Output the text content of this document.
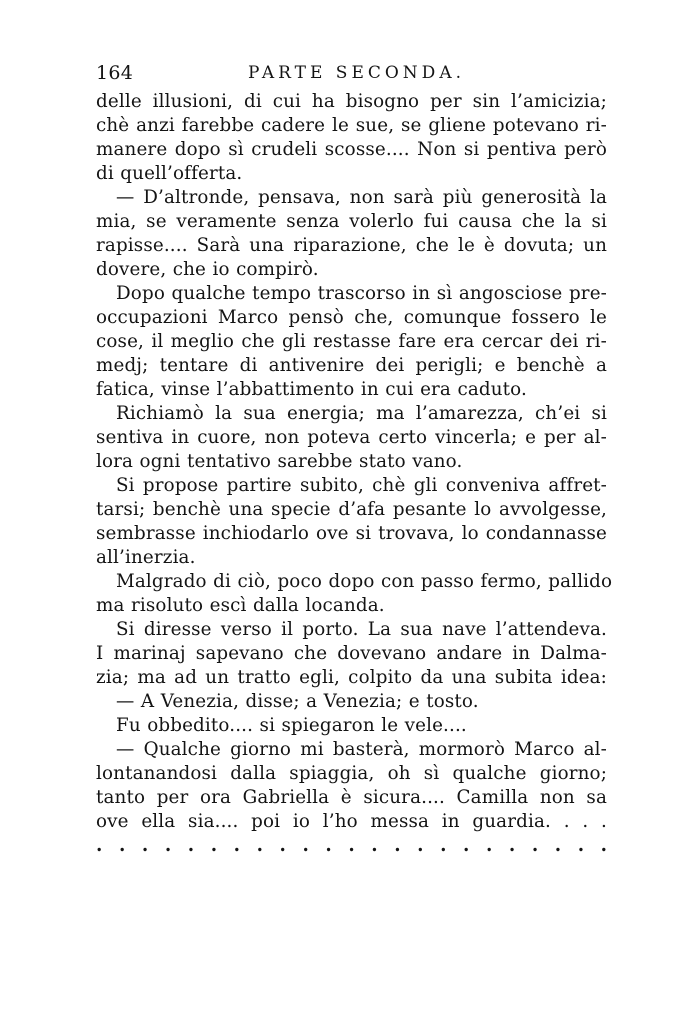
164	PARTE SECONDA.
delle illusioni, di cui ha bisogno per sin l’amicizia;
chè anzi farebbe cadere le sue, se gliene potevano ri-
manere dopo sì crudeli scosse.... Non si pentiva però
di quell’offerta.
— D’altronde, pensava, non sarà più generosità la
mia, se veramente senza volerlo fui causa che la si
rapisse.... Sarà una riparazione, che le è dovuta; un
dovere, che io compirò.
Dopo qualche tempo trascorso in sì angosciose pre-
occupazioni Marco pensò che, comunque fossero le
cose, il meglio che gli restasse fare era cercar dei ri-
medj; tentare di antivenire dei perigli; e benchè a
fatica, vinse l’abbattimento in cui era caduto.
Richiamò la sua energia; ma l’amarezza, ch’ei si
sentiva in cuore, non poteva certo vincerla; e per al-
lora ogni tentativo sarebbe stato vano.
Si propose partire subito, chè gli conveniva affret-
tarsi; benchè una specie d’afa pesante lo avvolgesse,
sembrasse inchiodarlo ove si trovava, lo condannasse
all’inerzia.
Malgrado di ciò, poco dopo con passo fermo, pallido
ma risoluto escì dalla locanda.
Si diresse verso il porto. La sua nave l’attendeva.
I marinaj sapevano che dovevano andare in Dalma-
zia; ma ad un tratto egli, colpito da una subita idea:
— A Venezia, disse; a Venezia; e tosto.
Fu obbedito.... si spiegaron le vele....
— Qualche giorno mi basterà, mormorò Marco al-
lontanandosi dalla spiaggia, oh sì qualche giorno;
tanto per ora Gabriella è sicura.... Camilla non sa
ove ella sia.... poi io l’ho messa in guardia. . . .
. . . . . . . . . . . . . . . . . . . . . . .
